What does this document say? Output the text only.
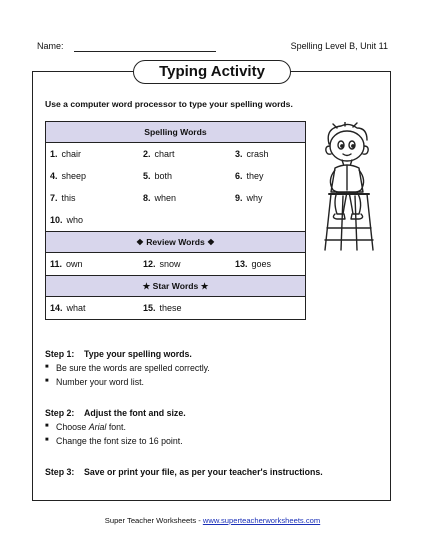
Name:	Spelling Level B, Unit 11
Typing Activity
Use a computer word processor to type your spelling words.
Spelling Words
1. chair	2. chart	3. crash
4. sheep	5. both	6. they
7. this	8. when	9. why
10. who
❖ Review Words ❖
11. own	12. snow	13. goes
★ Star Words ★
14. what	15. these
Step 1: Type your spelling words.
■ Be sure the words are spelled correctly.
■ Number your word list.
Step 2: Adjust the font and size.
■ Choose Arial font.
■ Change the font size to 16 point.
Step 3: Save or print your file, as per your teacher's instructions.
Super Teacher Worksheets - www.superteacherworksheets.com
